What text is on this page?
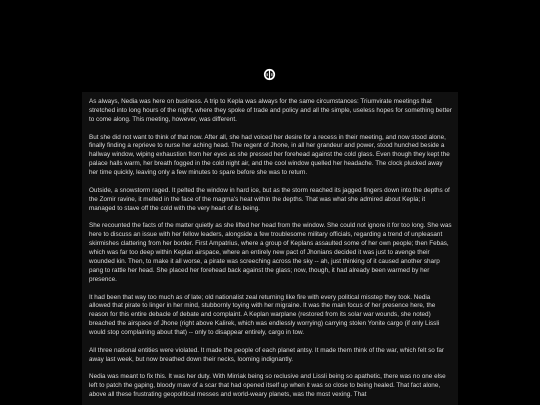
As always, Nedia was here on business. A trip to Kepla was always for the same circumstances: Triumvirate meetings that stretched into long hours of the night, where they spoke of trade and policy and all the simple, useless hopes for something better to come along. This meeting, however, was different.

But she did not want to think of that now. After all, she had voiced her desire for a recess in their meeting, and now stood alone, finally finding a reprieve to nurse her aching head. The regent of Jhone, in all her grandeur and power, stood hunched beside a hallway window, wiping exhaustion from her eyes as she pressed her forehead against the cold glass. Even though they kept the palace halls warm, her breath fogged in the cold night air, and the cool window quelled her headache. The clock plucked away her time quickly, leaving only a few minutes to spare before she was to return.

Outside, a snowstorm raged. It pelted the window in hard ice, but as the storm reached its jagged fingers down into the depths of the Zomir ravine, it melted in the face of the magma's heat within the depths. That was what she admired about Kepla; it managed to stave off the cold with the very heart of its being.

She recounted the facts of the matter quietly as she lifted her head from the window. She could not ignore it for too long. She was here to discuss an issue with her fellow leaders, alongside a few troublesome military officials, regarding a trend of unpleasant skirmishes clattering from her border. First Ampatrius, where a group of Keplans assaulted some of her own people; then Febas, which was far too deep within Keplan airspace, where an entirely new pact of Jhonians decided it was just to avenge their wounded kin. Then, to make it all worse, a pirate was screeching across the sky -- ah, just thinking of it caused another sharp pang to rattle her head. She placed her forehead back against the glass; now, though, it had already been warmed by her presence.

It had been that way too much as of late; old nationalist zeal returning like fire with every political misstep they took. Nedia allowed that pirate to linger in her mind, stubbornly toying with her migraine. It was the main focus of her presence here, the reason for this entire debacle of debate and complaint. A Keplan warplane (restored from its solar war wounds, she noted) breached the airspace of Jhone (right above Kalirek, which was endlessly worrying) carrying stolen Yonite cargo (if only Lissli would stop complaining about that) -- only to disappear entirely, cargo in tow.

All three national entities were violated. It made the people of each planet antsy. It made them think of the war, which felt so far away last week, but now breathed down their necks, looming indignantly.

Nedia was meant to fix this. It was her duty. With Mirriak being so reclusive and Lissli being so apathetic, there was no one else left to patch the gaping, bloody maw of a scar that had opened itself up when it was so close to being healed. That fact alone, above all these frustrating geopolitical messes and world-weary planets, was the most vexing. That
